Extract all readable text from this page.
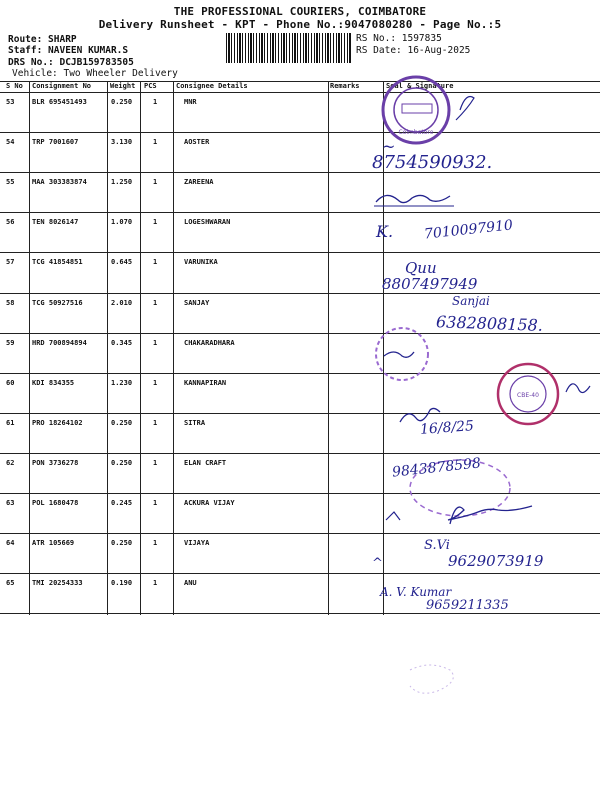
THE PROFESSIONAL COURIERS, COIMBATORE
Delivery Runsheet - KPT - Phone No.:9047080280 - Page No.:5
Route: SHARP
Staff: NAVEEN KUMAR.S
DRS No.: DCJB159783505
Vehicle: Two Wheeler Delivery
RS No.: 1597835
RS Date: 16-Aug-2025
S No Consignment No	Weight PCS	Consignee Details	Remarks	Seal & Signature
53	BLR 695451493	0.250	1	MNR
54	TRP 7001607	3.130	1	AOSTER
55	MAA 303383874	1.250	1	ZAREENA
56	TEN 8026147	1.070	1	LOGESHWARAN
57	TCG 41854851	0.645	1	VARUNIKA
58	TCG 50927516	2.010	1	SANJAY
59	HRD 700894894	0.345	1	CHAKARADHARA
60	KDI 834355	1.230	1	KANNAPIRAN
61	PRO 18264102	0.250	1	SITRA
62	PON 3736278	0.250	1	ELAN CRAFT
63	POL 1680478	0.245	1	ACKURA VIJAY
64	ATR 105669	0.250	1	VIJAYA
65	TMI 20254333	0.190	1	ANU
Coimbatore
~
8754590932.
K. 7010097910
Quu
8807497949
Sanjai
6382808158.
CBE-40
16/8/25
9843878598
S.Vi
^	9629073919
A. V. Kumar
9659211335
